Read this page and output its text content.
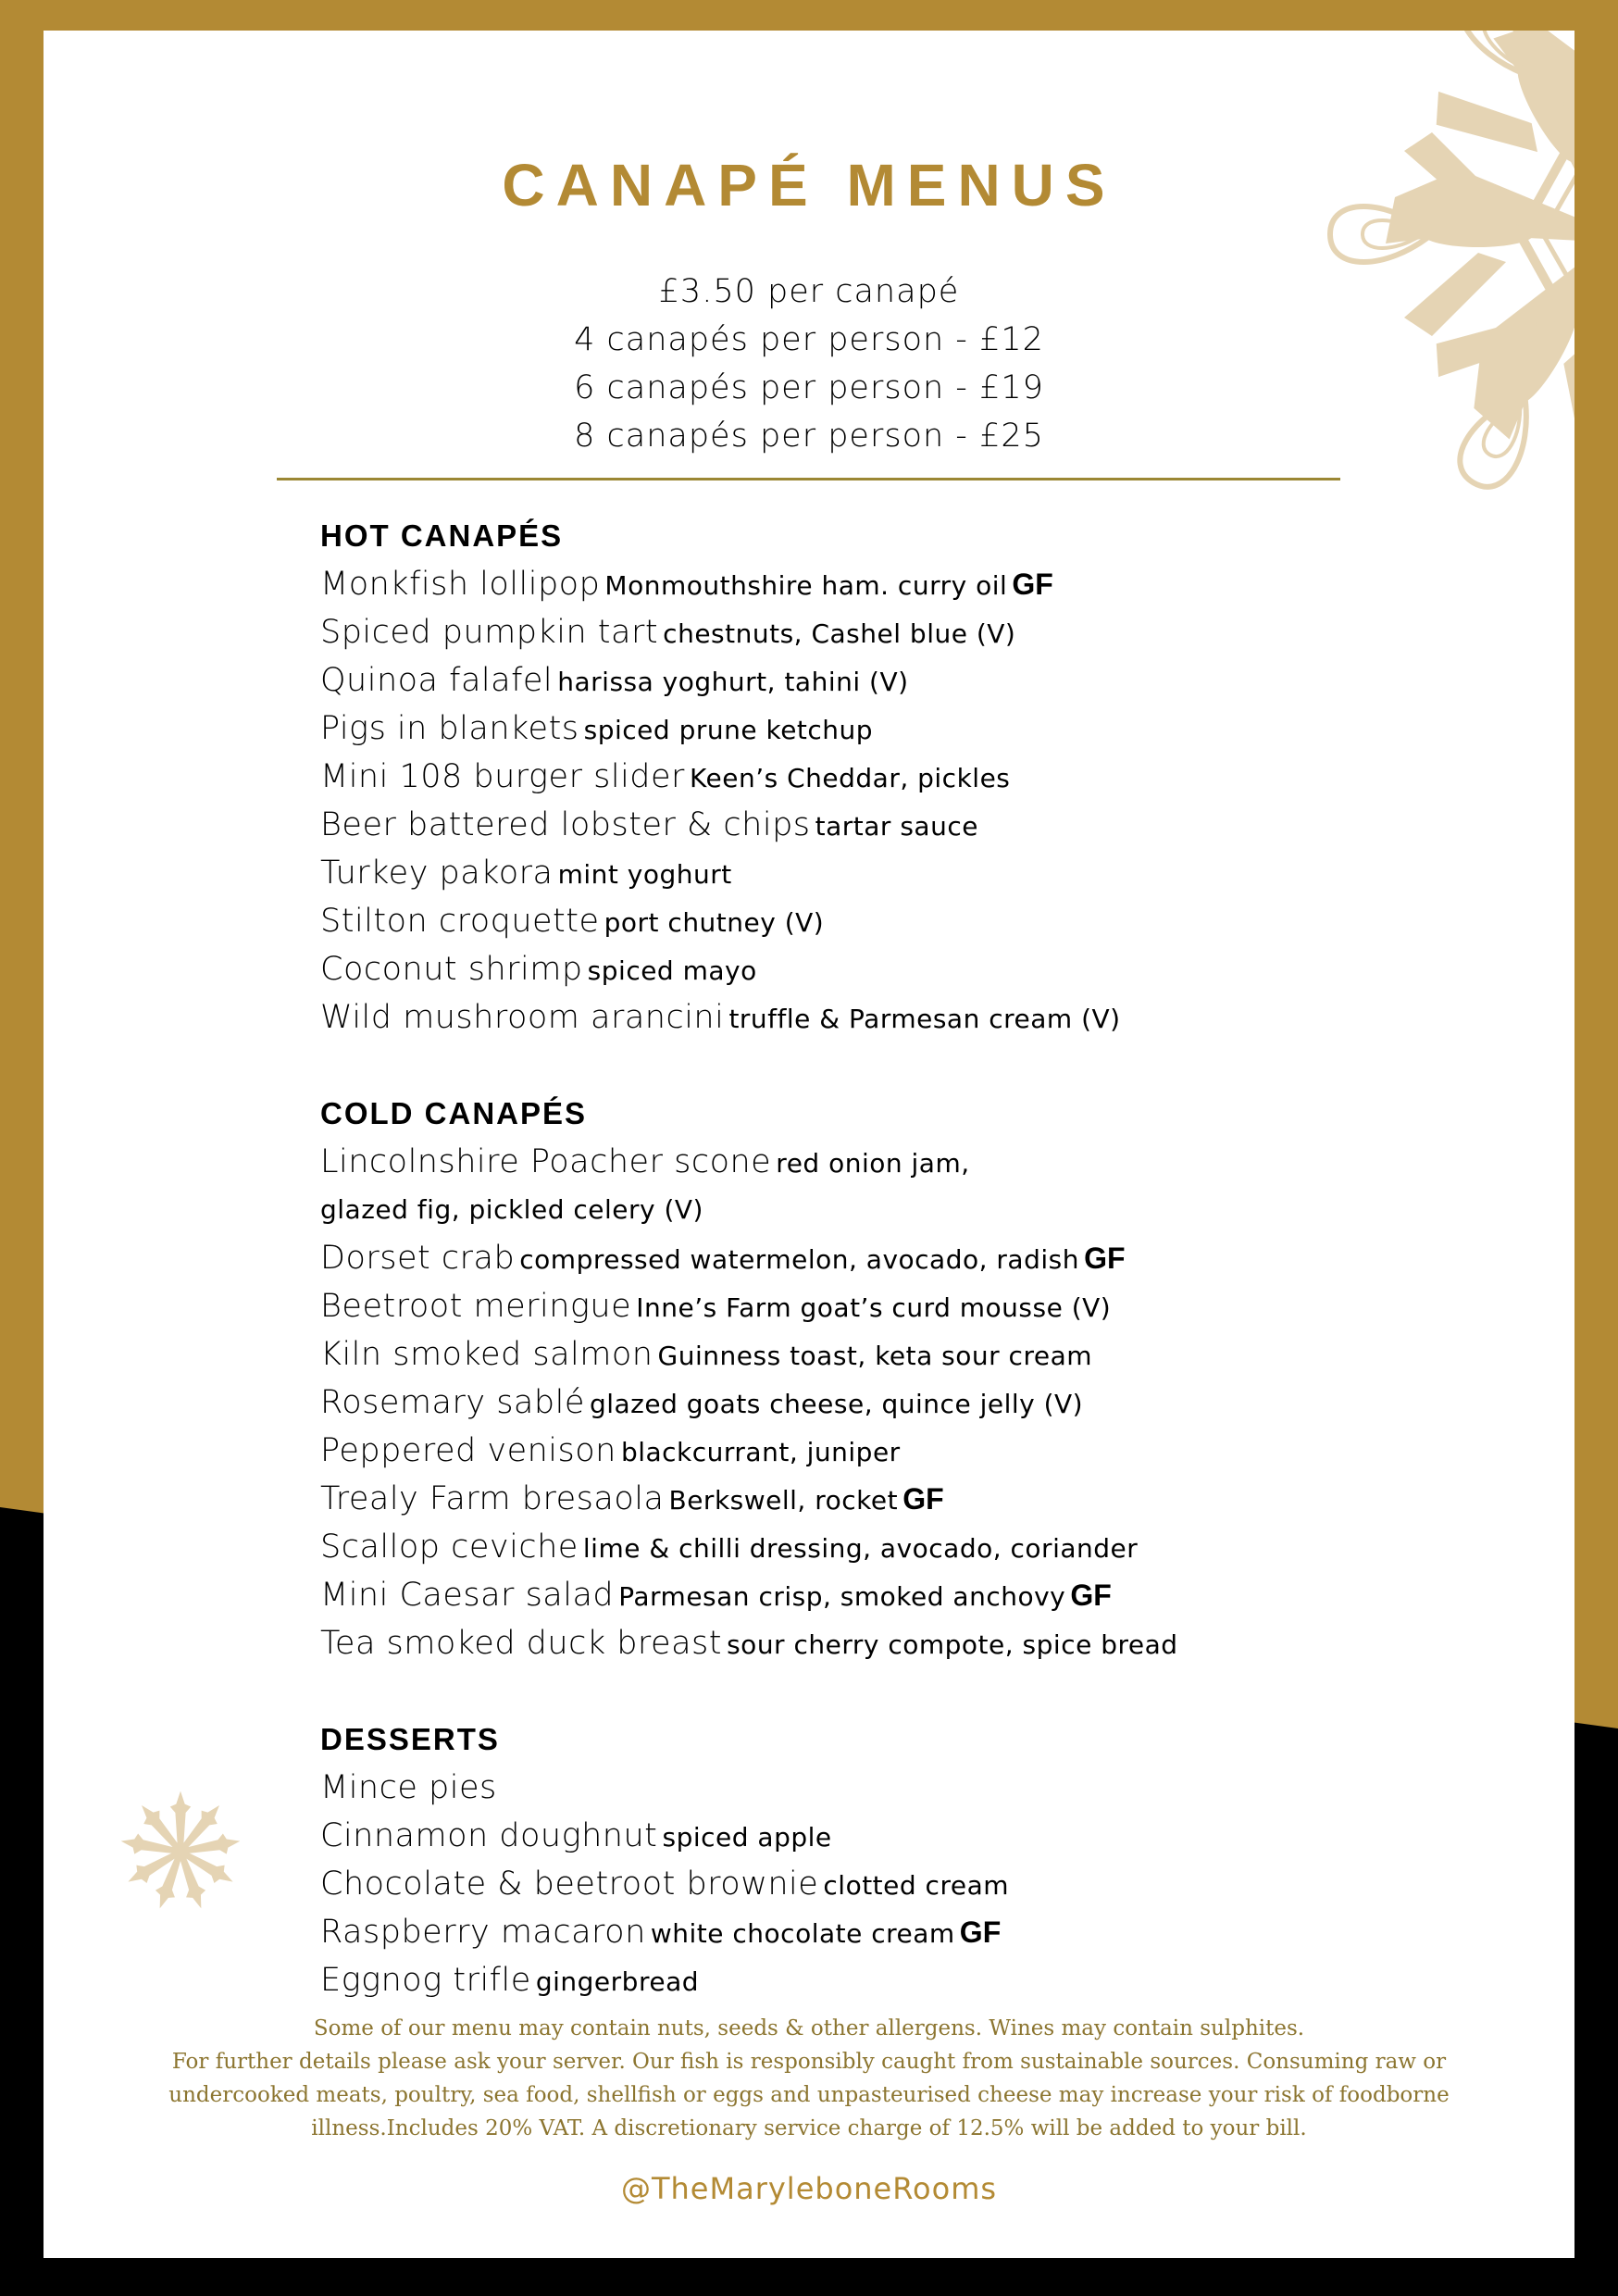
CANAPÉ MENUS
£3.50 per canapé
4 canapés per person - £12
6 canapés per person - £19
8 canapés per person - £25
HOT CANAPÉS
Monkfish lollipop Monmouthshire ham. curry oil GF
Spiced pumpkin tart chestnuts, Cashel blue (V)
Quinoa falafel harissa yoghurt, tahini (V)
Pigs in blankets spiced prune ketchup
Mini 108 burger slider Keen’s Cheddar, pickles
Beer battered lobster & chips tartar sauce
Turkey pakora mint yoghurt
Stilton croquette port chutney (V)
Coconut shrimp spiced mayo
Wild mushroom arancini truffle & Parmesan cream (V)
COLD CANAPÉS
Lincolnshire Poacher scone red onion jam,
glazed fig, pickled celery (V)
Dorset crab compressed watermelon, avocado, radish GF
Beetroot meringue Inne’s Farm goat’s curd mousse (V)
Kiln smoked salmon Guinness toast, keta sour cream
Rosemary sablé glazed goats cheese, quince jelly (V)
Peppered venison blackcurrant, juniper
Trealy Farm bresaola Berkswell, rocket GF
Scallop ceviche lime & chilli dressing, avocado, coriander
Mini Caesar salad Parmesan crisp, smoked anchovy GF
Tea smoked duck breast sour cherry compote, spice bread
DESSERTS
Mince pies
Cinnamon doughnut spiced apple
Chocolate & beetroot brownie clotted cream
Raspberry macaron white chocolate cream GF
Eggnog trifle gingerbread
Some of our menu may contain nuts, seeds & other allergens. Wines may contain sulphites.
For further details please ask your server. Our fish is responsibly caught from sustainable sources. Consuming raw or
undercooked meats, poultry, sea food, shellfish or eggs and unpasteurised cheese may increase your risk of foodborne
illness.Includes 20% VAT. A discretionary service charge of 12.5% will be added to your bill.
@TheMaryleboneRooms
